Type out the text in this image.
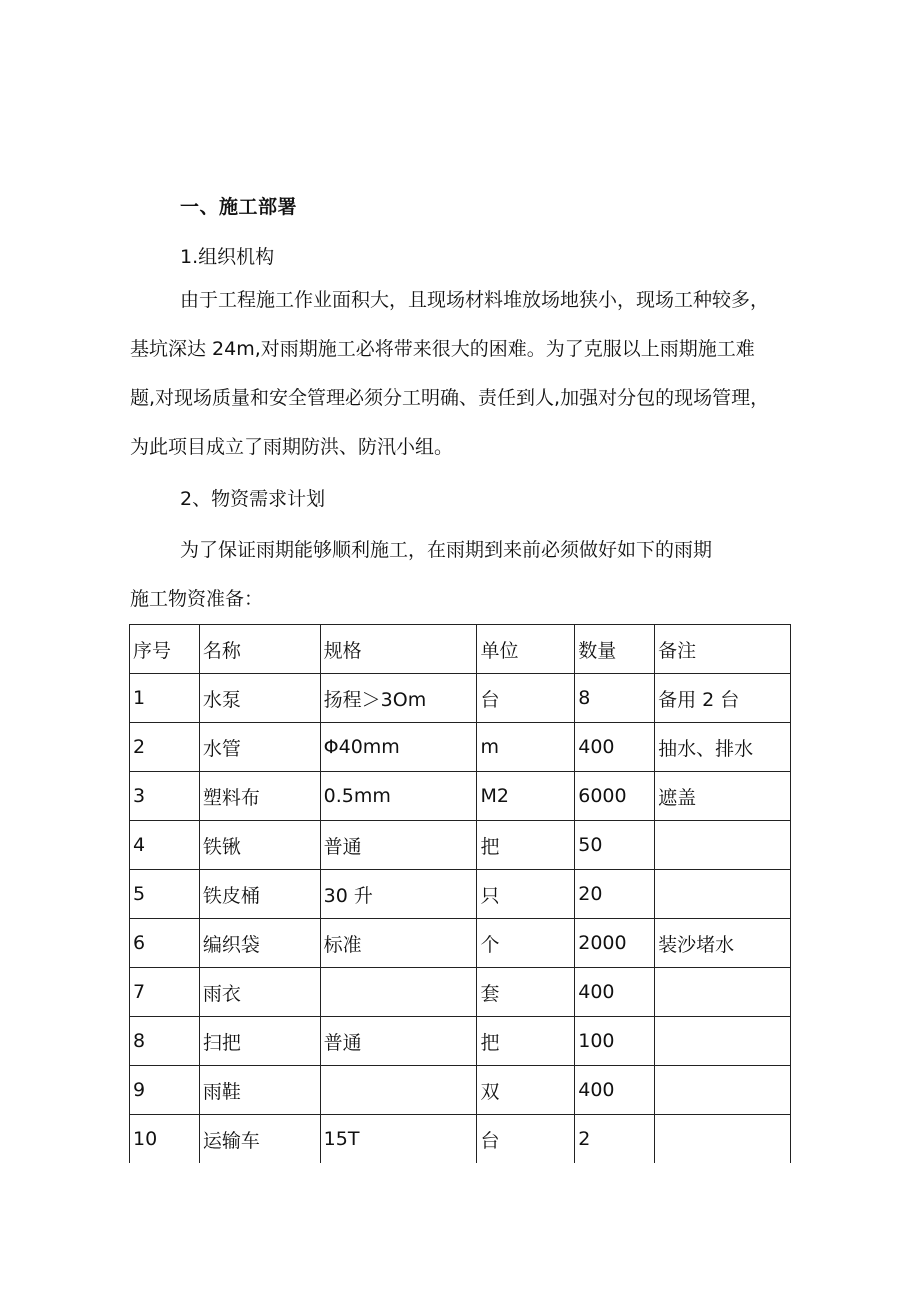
一、施工部署
1.组织机构

由于工程施工作业面积大，且现场材料堆放场地狭小，现场工种较多，

基坑深达 24m,对雨期施工必将带来很大的困难。为了克服以上雨期施工难

题,对现场质量和安全管理必须分工明确、责任到人,加强对分包的现场管理，

为此项目成立了雨期防洪、防汛小组。

2、物资需求计划

为了保证雨期能够顺利施工，在雨期到来前必须做好如下的雨期

施工物资准备：

序号	名称	规格	单位	数量	备注
1	水泵	扬程＞3Om	台	8	备用 2 台
2	水管	Φ40mm	m	400	抽水、排水
3	塑料布	0.5mm	M2	6000	遮盖
4	铁锹	普通	把	50	
5	铁皮桶	30 升	只	20	
6	编织袋	标准	个	2000	装沙堵水
7	雨衣		套	400	
8	扫把	普通	把	100	
9	雨鞋		双	400	
10	运输车	15T	台	2	
